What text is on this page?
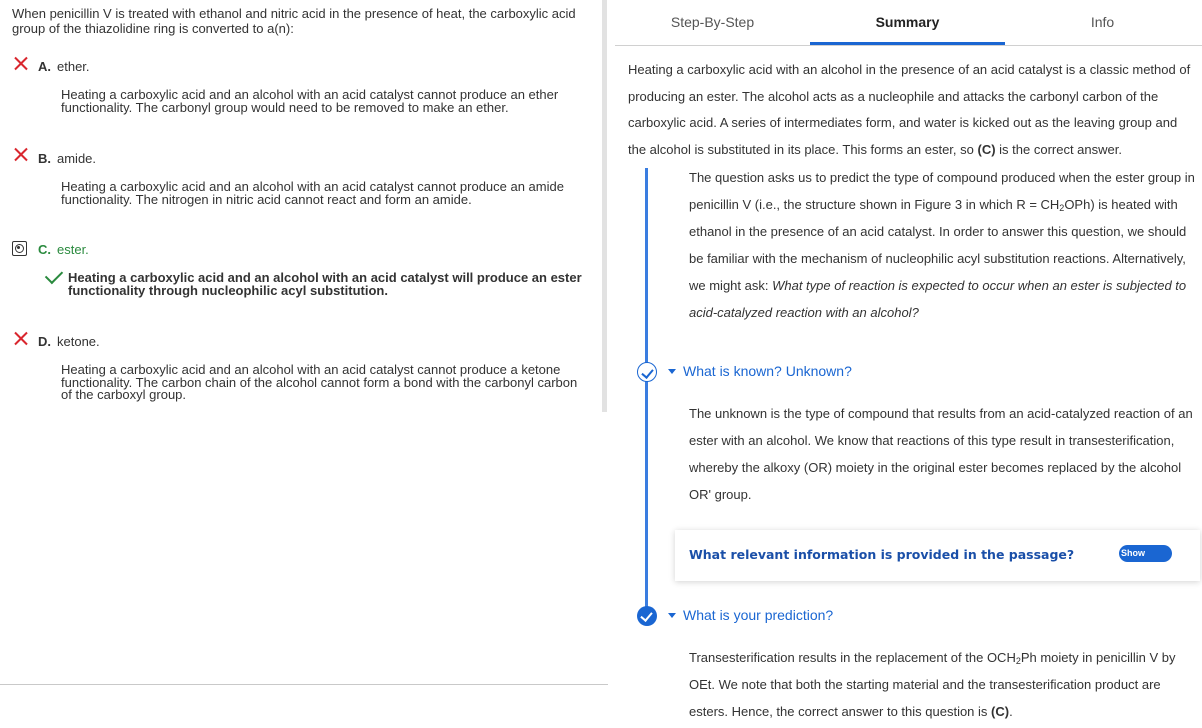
When penicillin V is treated with ethanol and nitric acid in the presence of heat, the carboxylic acid group of the thiazolidine ring is converted to a(n):
A. ether.
Heating a carboxylic acid and an alcohol with an acid catalyst cannot produce an ether functionality. The carbonyl group would need to be removed to make an ether.
B. amide.
Heating a carboxylic acid and an alcohol with an acid catalyst cannot produce an amide functionality. The nitrogen in nitric acid cannot react and form an amide.
C. ester.
Heating a carboxylic acid and an alcohol with an acid catalyst will produce an ester functionality through nucleophilic acyl substitution.
D. ketone.
Heating a carboxylic acid and an alcohol with an acid catalyst cannot produce a ketone functionality. The carbon chain of the alcohol cannot form a bond with the carbonyl carbon of the carboxyl group.
Step-By-Step	Summary	Info
Heating a carboxylic acid with an alcohol in the presence of an acid catalyst is a classic method of producing an ester. The alcohol acts as a nucleophile and attacks the carbonyl carbon of the carboxylic acid. A series of intermediates form, and water is kicked out as the leaving group and the alcohol is substituted in its place. This forms an ester, so (C) is the correct answer.
The question asks us to predict the type of compound produced when the ester group in penicillin V (i.e., the structure shown in Figure 3 in which $R = CH_2OPh$) is heated with ethanol in the presence of an acid catalyst. In order to answer this question, we should be familiar with the mechanism of nucleophilic acyl substitution reactions. Alternatively, we might ask: What type of reaction is expected to occur when an ester is subjected to acid-catalyzed reaction with an alcohol?
What is known? Unknown?
The unknown is the type of compound that results from an acid-catalyzed reaction of an ester with an alcohol. We know that reactions of this type result in transesterification, whereby the alkoxy (OR) moiety in the original ester becomes replaced by the alcohol OR' group.
What relevant information is provided in the passage?	Show
What is your prediction?
Transesterification results in the replacement of the $OCH_2Ph$ moiety in penicillin V by OEt. We note that both the starting material and the transesterification product are esters. Hence, the correct answer to this question is (C).
